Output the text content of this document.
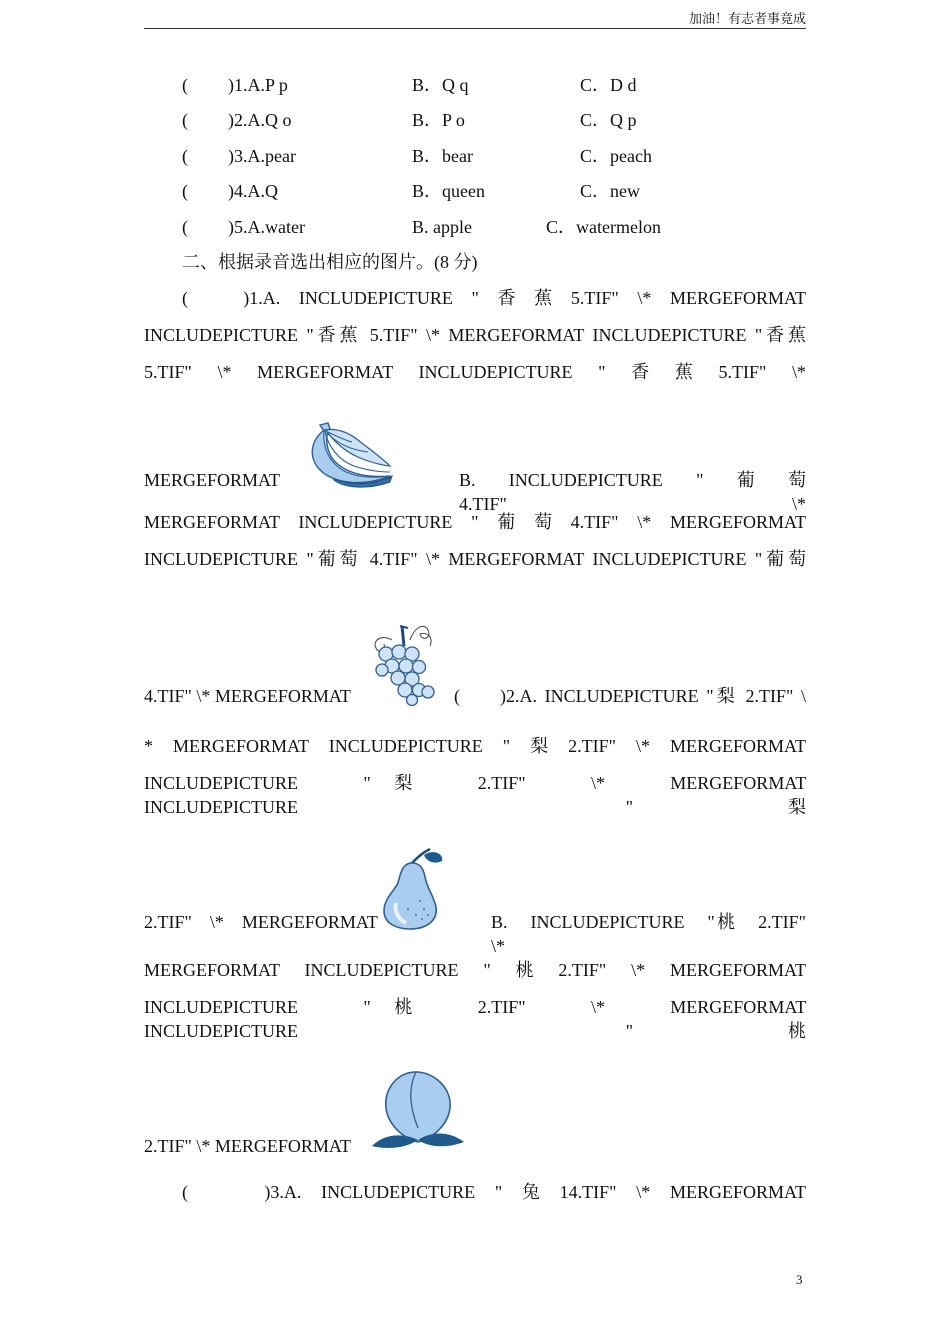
加油！有志者事竟成
( )1.A.P p	B．Q q	C．D d
( )2.A.Q o	B．P o	C．Q p
( )3.A.pear	B．bear	C．peach
( )4.A.Q	B．queen	C．new
( )5.A.water	B. apple	C．watermelon
二、根据录音选出相应的图片。(8 分)
(　　　)1.A.　INCLUDEPICTURE　"　香　蕉　5.TIF"　\*　MERGEFORMAT
INCLUDEPICTURE "香蕉 5.TIF" \* MERGEFORMAT INCLUDEPICTURE "香蕉
5.TIF"　\*　MERGEFORMAT　INCLUDEPICTURE　"　香　蕉　5.TIF"　\*
MERGEFORMAT	B.　INCLUDEPICTURE　"　葡　萄　4.TIF"　\*
MERGEFORMAT　INCLUDEPICTURE　"　葡　萄　4.TIF"　\*　MERGEFORMAT
INCLUDEPICTURE "葡萄 4.TIF" \* MERGEFORMAT INCLUDEPICTURE "葡萄
4.TIF" \* MERGEFORMAT	( )2.A. INCLUDEPICTURE "梨 2.TIF" \
*　MERGEFORMAT　INCLUDEPICTURE　"　梨　2.TIF"　\*　MERGEFORMAT
INCLUDEPICTURE　"梨　2.TIF"　\*　MERGEFORMAT　INCLUDEPICTURE　"梨
2.TIF"　\*　MERGEFORMAT	B.　INCLUDEPICTURE　"桃　2.TIF"　\*
MERGEFORMAT　INCLUDEPICTURE　"　桃　2.TIF"　\*　MERGEFORMAT
INCLUDEPICTURE　"桃　2.TIF"　\*　MERGEFORMAT　INCLUDEPICTURE　"桃
2.TIF" \* MERGEFORMAT
(　　　　)3.A.　INCLUDEPICTURE　"　兔　14.TIF"　\*　MERGEFORMAT
3
